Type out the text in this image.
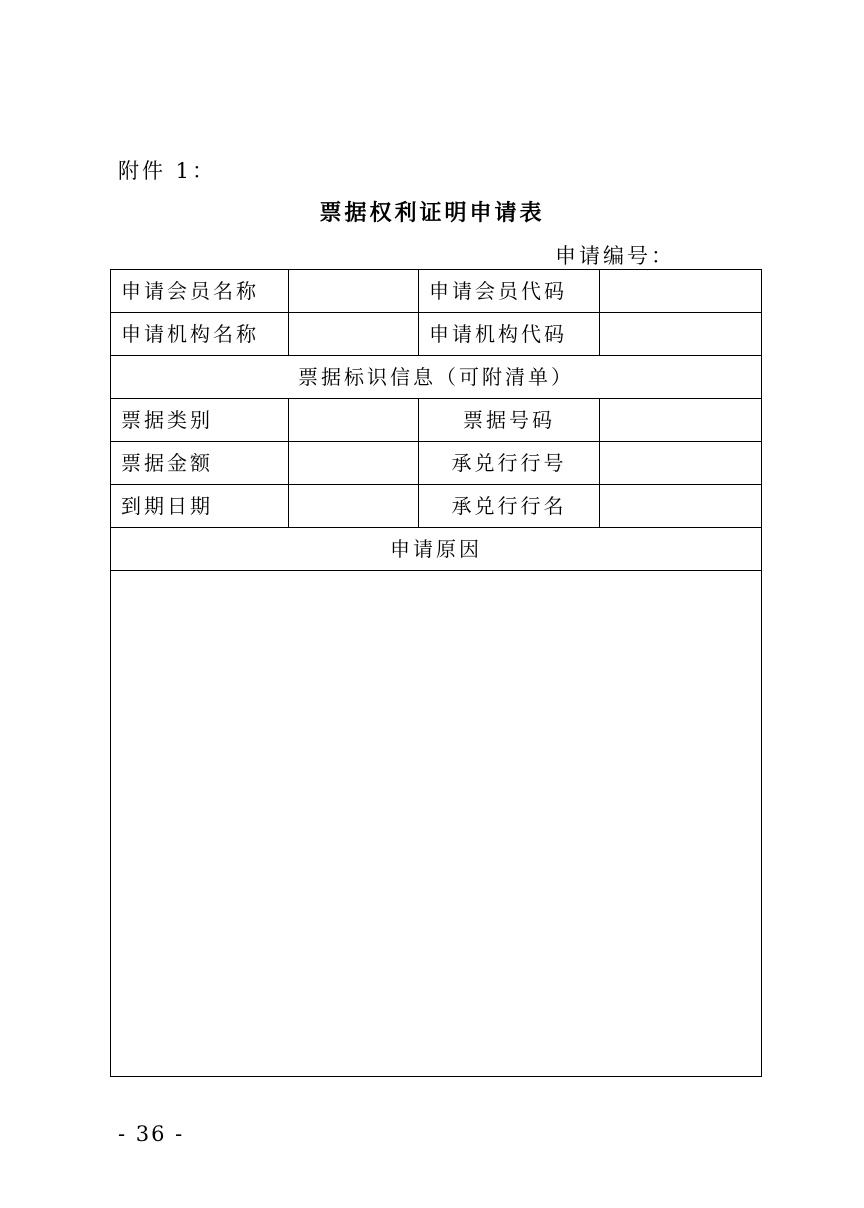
附件 1：
票据权利证明申请表
申请编号：
申请会员名称		申请会员代码	
申请机构名称		申请机构代码	
票据标识信息（可附清单）			
票据类别		票据号码	
票据金额		承兑行行号	
到期日期		承兑行行名	
申请原因			

- 36 -
